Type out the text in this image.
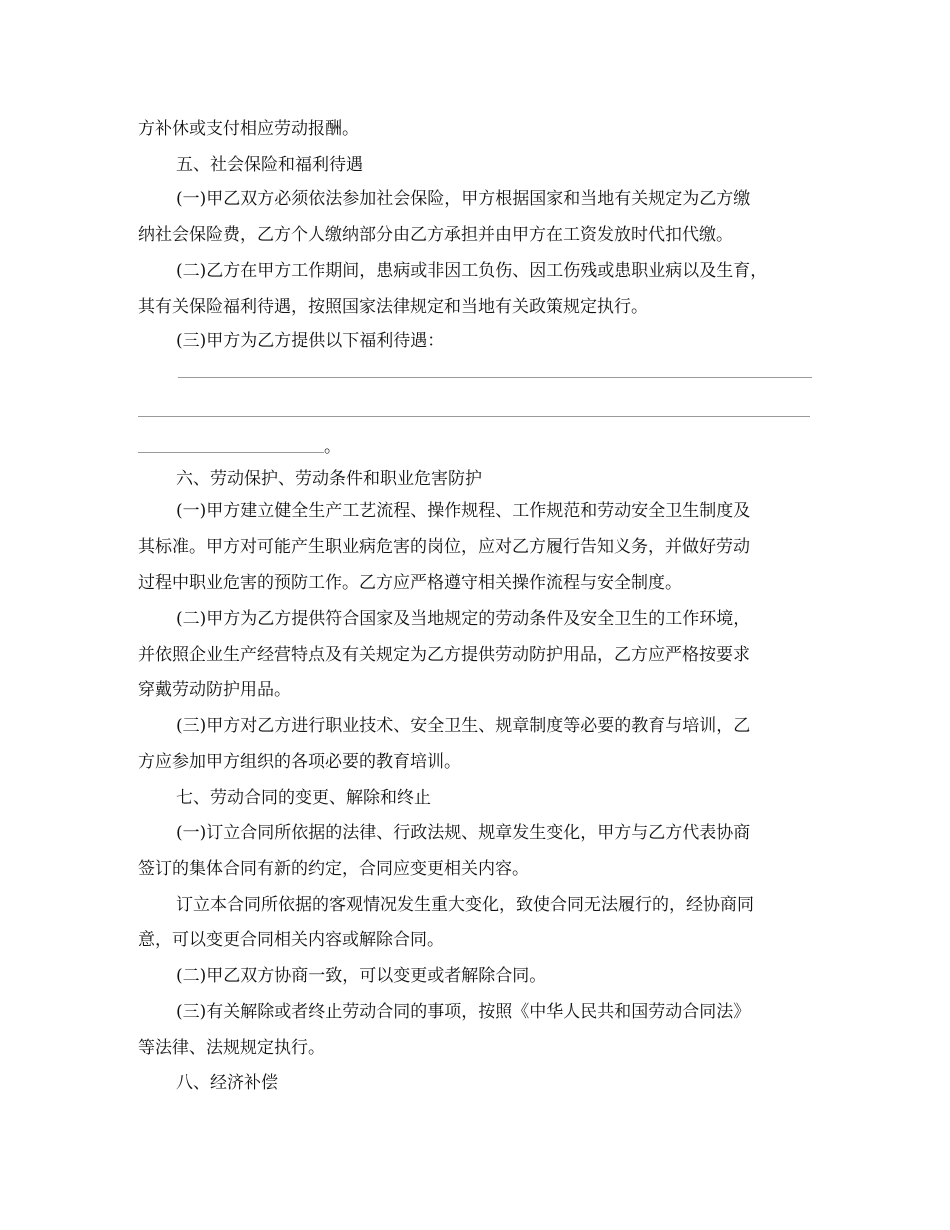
方补休或支付相应劳动报酬。
五、社会保险和福利待遇
(一)甲乙双方必须依法参加社会保险，甲方根据国家和当地有关规定为乙方缴
纳社会保险费，乙方个人缴纳部分由乙方承担并由甲方在工资发放时代扣代缴。
(二)乙方在甲方工作期间，患病或非因工负伤、因工伤残或患职业病以及生育，
其有关保险福利待遇，按照国家法律规定和当地有关政策规定执行。
(三)甲方为乙方提供以下福利待遇：
。
六、劳动保护、劳动条件和职业危害防护
(一)甲方建立健全生产工艺流程、操作规程、工作规范和劳动安全卫生制度及
其标准。甲方对可能产生职业病危害的岗位，应对乙方履行告知义务，并做好劳动
过程中职业危害的预防工作。乙方应严格遵守相关操作流程与安全制度。
(二)甲方为乙方提供符合国家及当地规定的劳动条件及安全卫生的工作环境，
并依照企业生产经营特点及有关规定为乙方提供劳动防护用品，乙方应严格按要求
穿戴劳动防护用品。
(三)甲方对乙方进行职业技术、安全卫生、规章制度等必要的教育与培训，乙
方应参加甲方组织的各项必要的教育培训。
七、劳动合同的变更、解除和终止
(一)订立合同所依据的法律、行政法规、规章发生变化，甲方与乙方代表协商
签订的集体合同有新的约定，合同应变更相关内容。
订立本合同所依据的客观情况发生重大变化，致使合同无法履行的，经协商同
意，可以变更合同相关内容或解除合同。
(二)甲乙双方协商一致，可以变更或者解除合同。
(三)有关解除或者终止劳动合同的事项，按照《中华人民共和国劳动合同法》
等法律、法规规定执行。
八、经济补偿
